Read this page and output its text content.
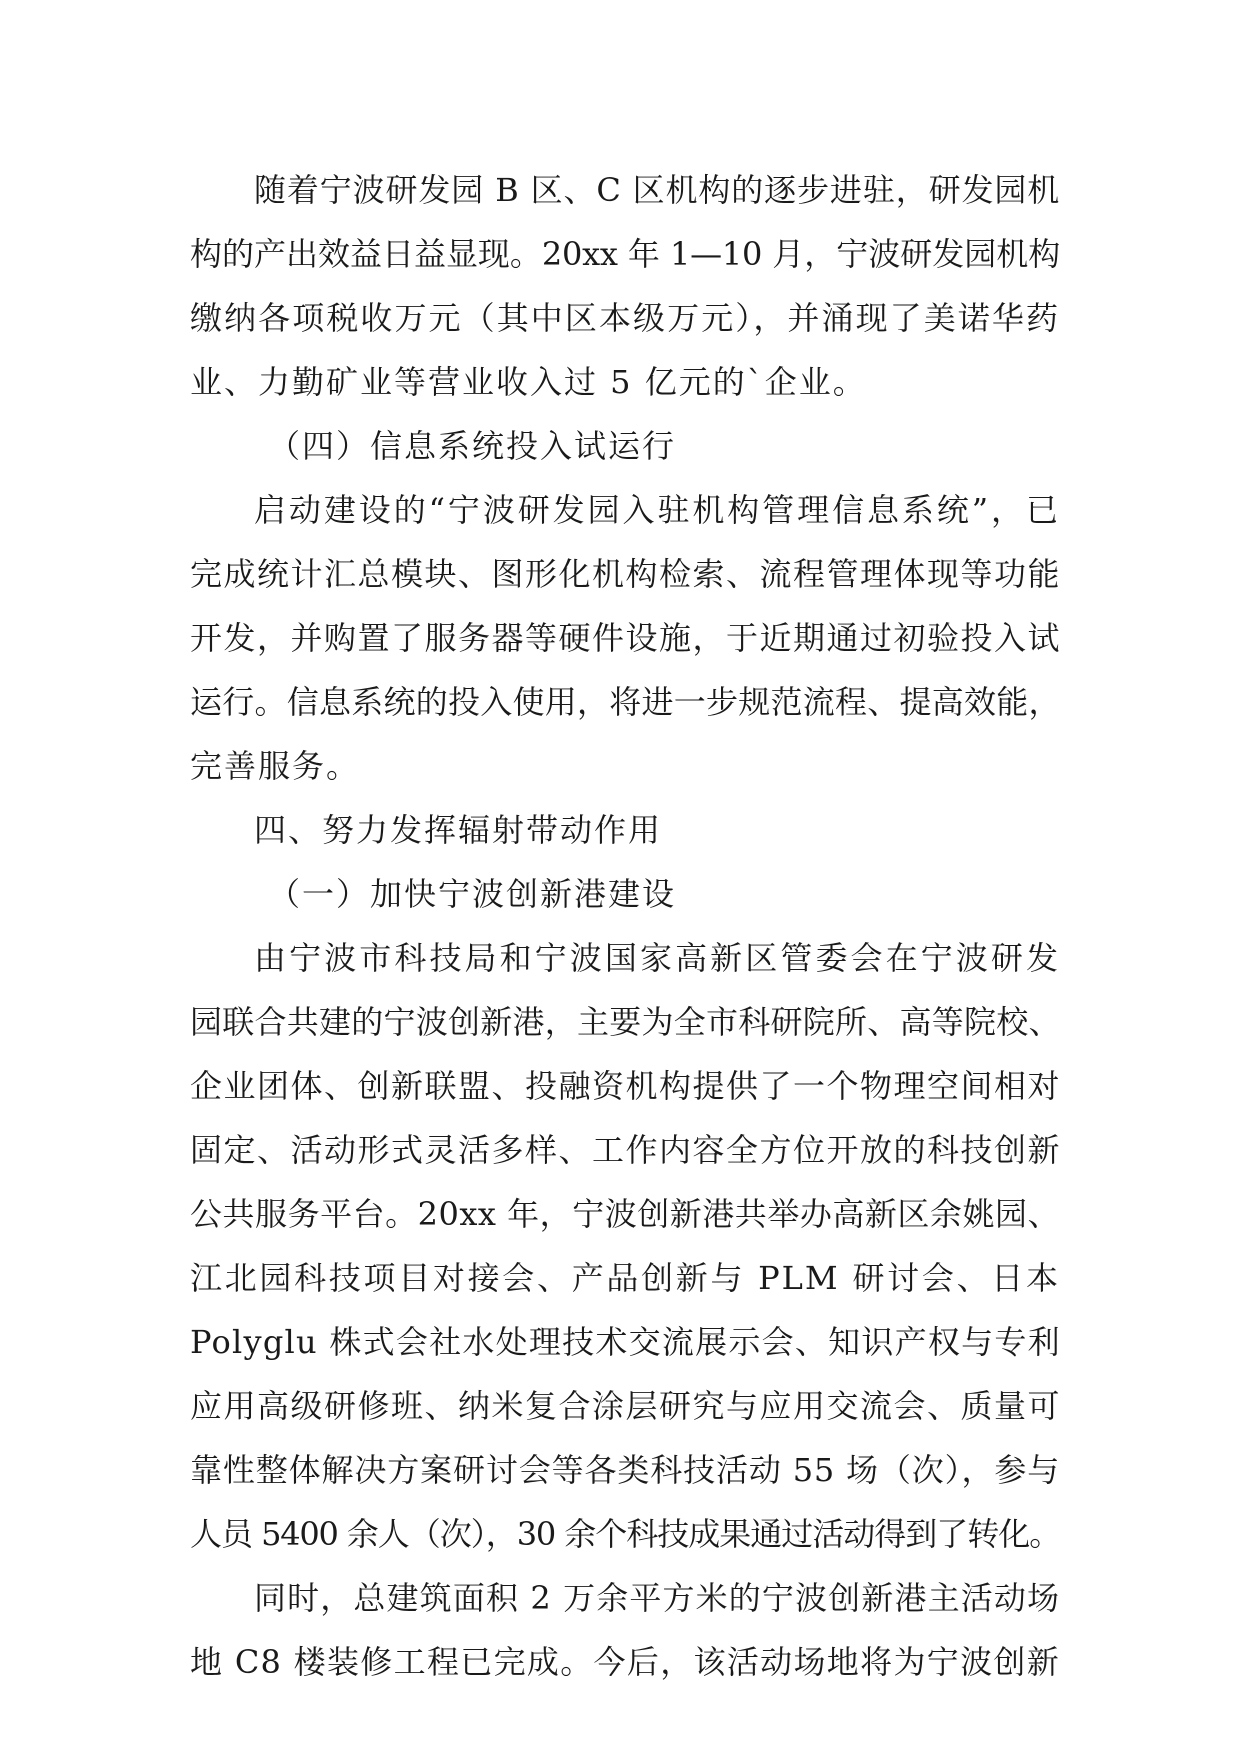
随着宁波研发园 B 区、C 区机构的逐步进驻，研发园机
构的产出效益日益显现。20xx 年 1—10 月，宁波研发园机构
缴纳各项税收万元（其中区本级万元），并涌现了美诺华药
业、力勤矿业等营业收入过 5 亿元的`企业。
（四）信息系统投入试运行
启动建设的“宁波研发园入驻机构管理信息系统”，已
完成统计汇总模块、图形化机构检索、流程管理体现等功能
开发，并购置了服务器等硬件设施，于近期通过初验投入试
运行。信息系统的投入使用，将进一步规范流程、提高效能，
完善服务。
四、努力发挥辐射带动作用
（一）加快宁波创新港建设
由宁波市科技局和宁波国家高新区管委会在宁波研发
园联合共建的宁波创新港，主要为全市科研院所、高等院校、
企业团体、创新联盟、投融资机构提供了一个物理空间相对
固定、活动形式灵活多样、工作内容全方位开放的科技创新
公共服务平台。20xx 年，宁波创新港共举办高新区余姚园、
江北园科技项目对接会、产品创新与 PLM 研讨会、日本
Polyglu 株式会社水处理技术交流展示会、知识产权与专利
应用高级研修班、纳米复合涂层研究与应用交流会、质量可
靠性整体解决方案研讨会等各类科技活动 55 场（次），参与
人员 5400 余人（次），30 余个科技成果通过活动得到了转化。
同时，总建筑面积 2 万余平方米的宁波创新港主活动场
地 C8 楼装修工程已完成。今后，该活动场地将为宁波创新
